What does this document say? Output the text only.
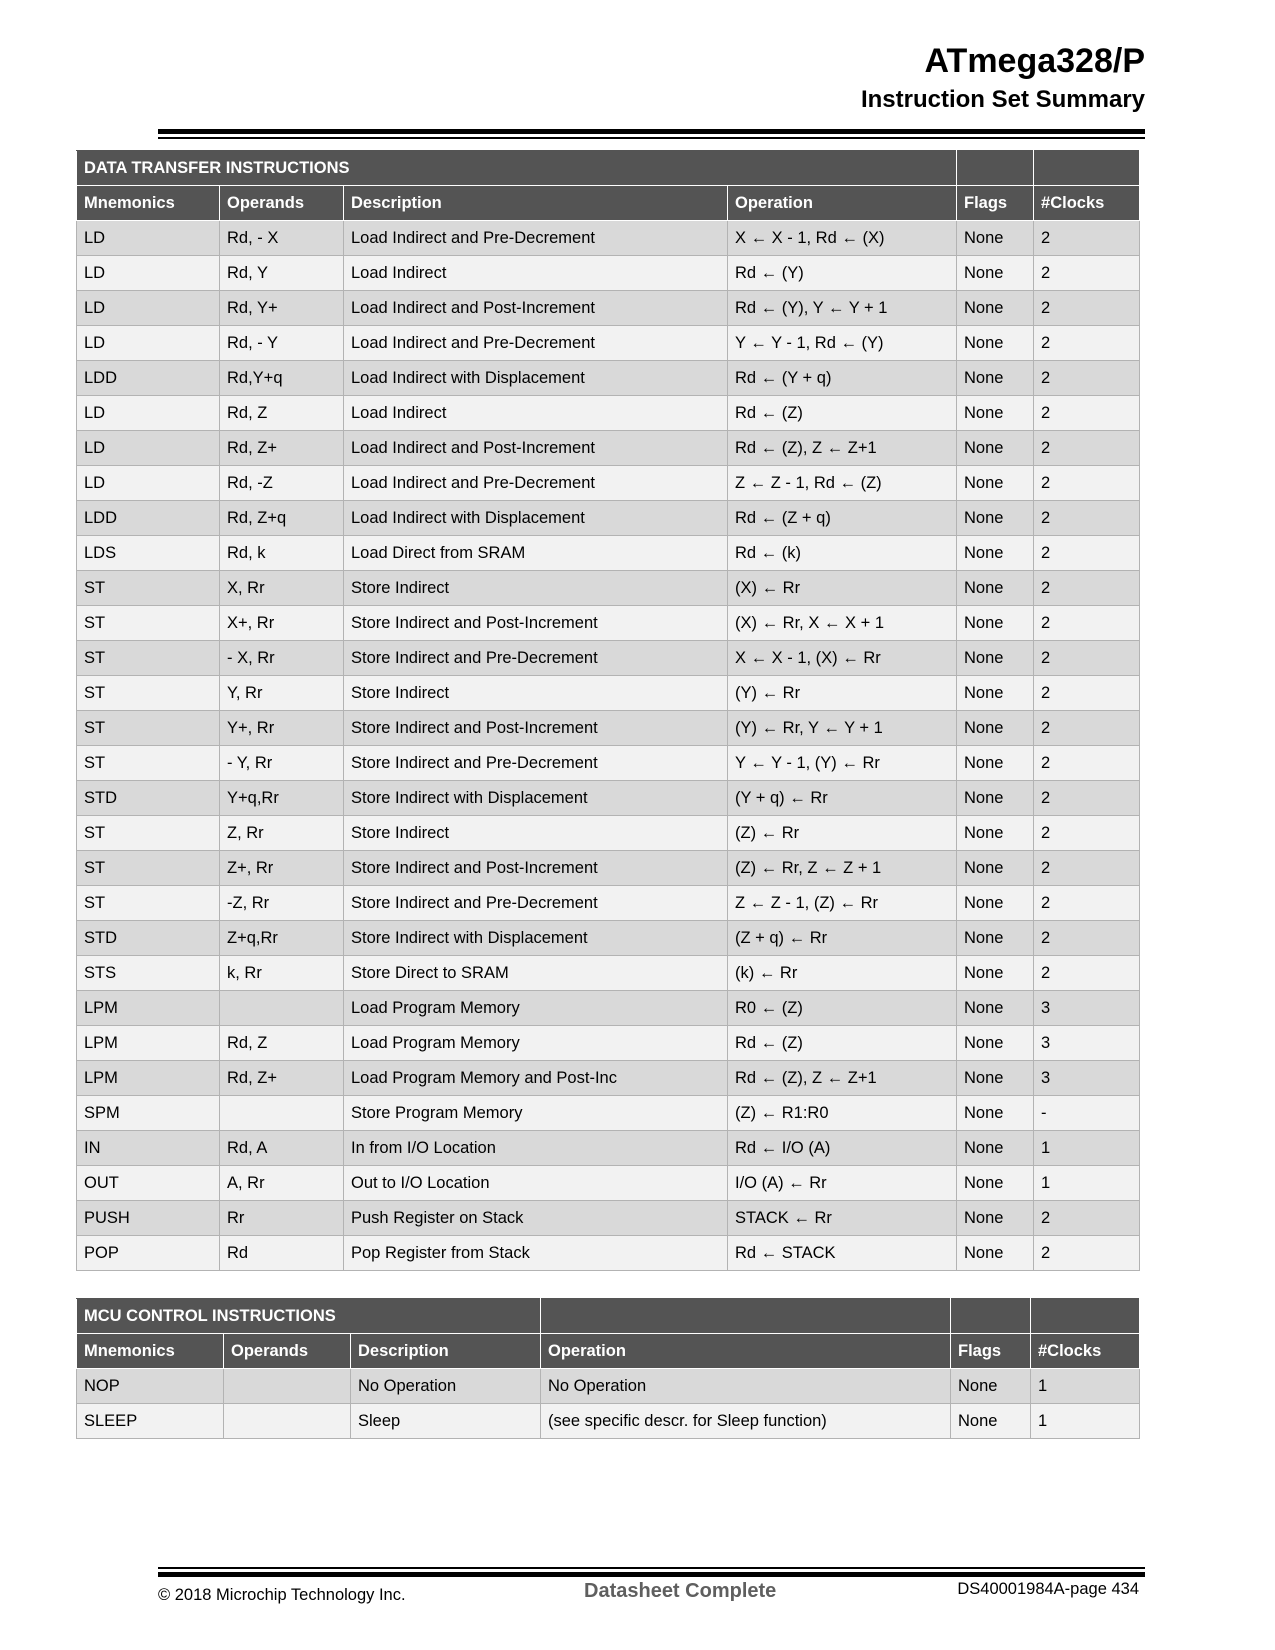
ATmega328/P
Instruction Set Summary
DATA TRANSFER INSTRUCTIONS					
Mnemonics	Operands	Description	Operation	Flags	#Clocks
LD	Rd, - X	Load Indirect and Pre-Decrement	X ← X - 1, Rd ← (X)	None	2
LD	Rd, Y	Load Indirect	Rd ← (Y)	None	2
LD	Rd, Y+	Load Indirect and Post-Increment	Rd ← (Y), Y ← Y + 1	None	2
LD	Rd, - Y	Load Indirect and Pre-Decrement	Y ← Y - 1, Rd ← (Y)	None	2
LDD	Rd,Y+q	Load Indirect with Displacement	Rd ← (Y + q)	None	2
LD	Rd, Z	Load Indirect	Rd ← (Z)	None	2
LD	Rd, Z+	Load Indirect and Post-Increment	Rd ← (Z), Z ← Z+1	None	2
LD	Rd, -Z	Load Indirect and Pre-Decrement	Z ← Z - 1, Rd ← (Z)	None	2
LDD	Rd, Z+q	Load Indirect with Displacement	Rd ← (Z + q)	None	2
LDS	Rd, k	Load Direct from SRAM	Rd ← (k)	None	2
ST	X, Rr	Store Indirect	(X) ← Rr	None	2
ST	X+, Rr	Store Indirect and Post-Increment	(X) ← Rr, X ← X + 1	None	2
ST	- X, Rr	Store Indirect and Pre-Decrement	X ← X - 1, (X) ← Rr	None	2
ST	Y, Rr	Store Indirect	(Y) ← Rr	None	2
ST	Y+, Rr	Store Indirect and Post-Increment	(Y) ← Rr, Y ← Y + 1	None	2
ST	- Y, Rr	Store Indirect and Pre-Decrement	Y ← Y - 1, (Y) ← Rr	None	2
STD	Y+q,Rr	Store Indirect with Displacement	(Y + q) ← Rr	None	2
ST	Z, Rr	Store Indirect	(Z) ← Rr	None	2
ST	Z+, Rr	Store Indirect and Post-Increment	(Z) ← Rr, Z ← Z + 1	None	2
ST	-Z, Rr	Store Indirect and Pre-Decrement	Z ← Z - 1, (Z) ← Rr	None	2
STD	Z+q,Rr	Store Indirect with Displacement	(Z + q) ← Rr	None	2
STS	k, Rr	Store Direct to SRAM	(k) ← Rr	None	2
LPM		Load Program Memory	R0 ← (Z)	None	3
LPM	Rd, Z	Load Program Memory	Rd ← (Z)	None	3
LPM	Rd, Z+	Load Program Memory and Post-Inc	Rd ← (Z), Z ← Z+1	None	3
SPM		Store Program Memory	(Z) ← R1:R0	None	-
IN	Rd, A	In from I/O Location	Rd ← I/O (A)	None	1
OUT	A, Rr	Out to I/O Location	I/O (A) ← Rr	None	1
PUSH	Rr	Push Register on Stack	STACK ← Rr	None	2
POP	Rd	Pop Register from Stack	Rd ← STACK	None	2
MCU CONTROL INSTRUCTIONS					
Mnemonics	Operands	Description	Operation	Flags	#Clocks
NOP		No Operation	No Operation	None	1
SLEEP		Sleep	(see specific descr. for Sleep function)	None	1
© 2018 Microchip Technology Inc.	Datasheet Complete	DS40001984A-page 434
